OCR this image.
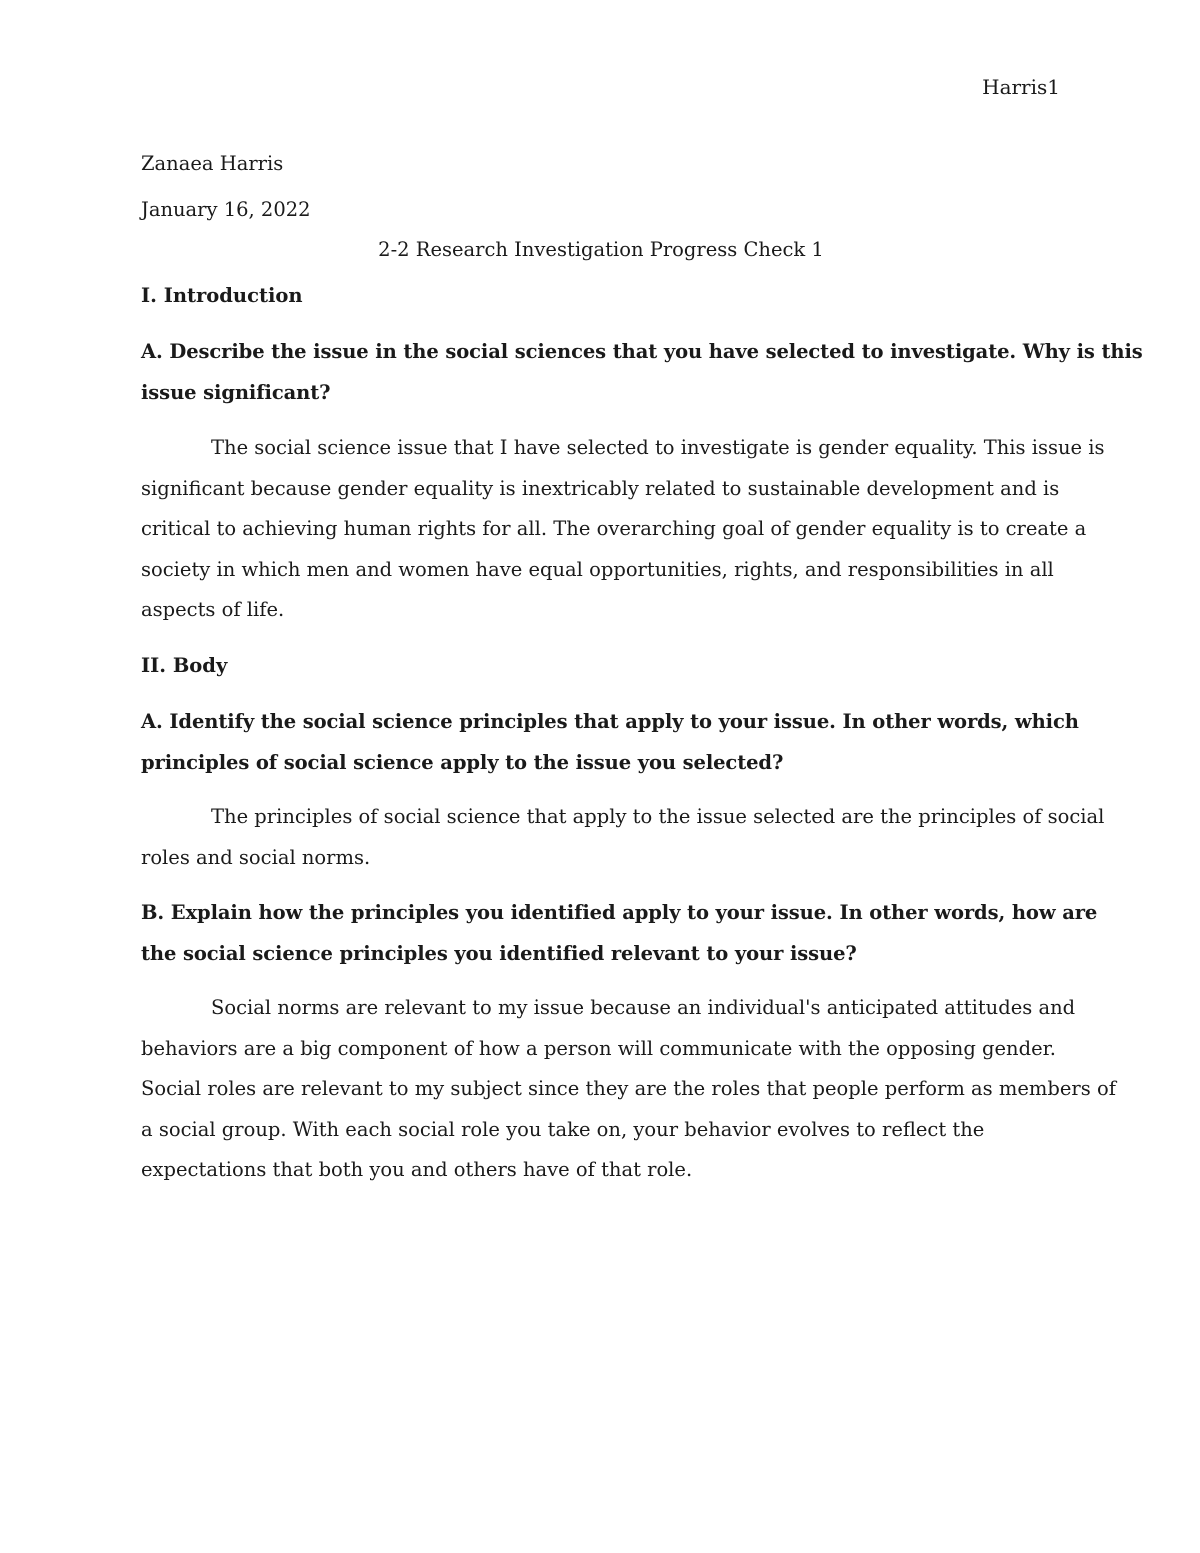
Harris1

Zanaea Harris

January 16, 2022

2-2 Research Investigation Progress Check 1

I. Introduction

A. Describe the issue in the social sciences that you have selected to investigate. Why is this

issue significant?

The social science issue that I have selected to investigate is gender equality. This issue is

significant because gender equality is inextricably related to sustainable development and is

critical to achieving human rights for all. The overarching goal of gender equality is to create a

society in which men and women have equal opportunities, rights, and responsibilities in all

aspects of life.

II. Body

A. Identify the social science principles that apply to your issue. In other words, which

principles of social science apply to the issue you selected?

The principles of social science that apply to the issue selected are the principles of social

roles and social norms.

B. Explain how the principles you identified apply to your issue. In other words, how are

the social science principles you identified relevant to your issue?

Social norms are relevant to my issue because an individual's anticipated attitudes and

behaviors are a big component of how a person will communicate with the opposing gender.

Social roles are relevant to my subject since they are the roles that people perform as members of

a social group. With each social role you take on, your behavior evolves to reflect the

expectations that both you and others have of that role.
